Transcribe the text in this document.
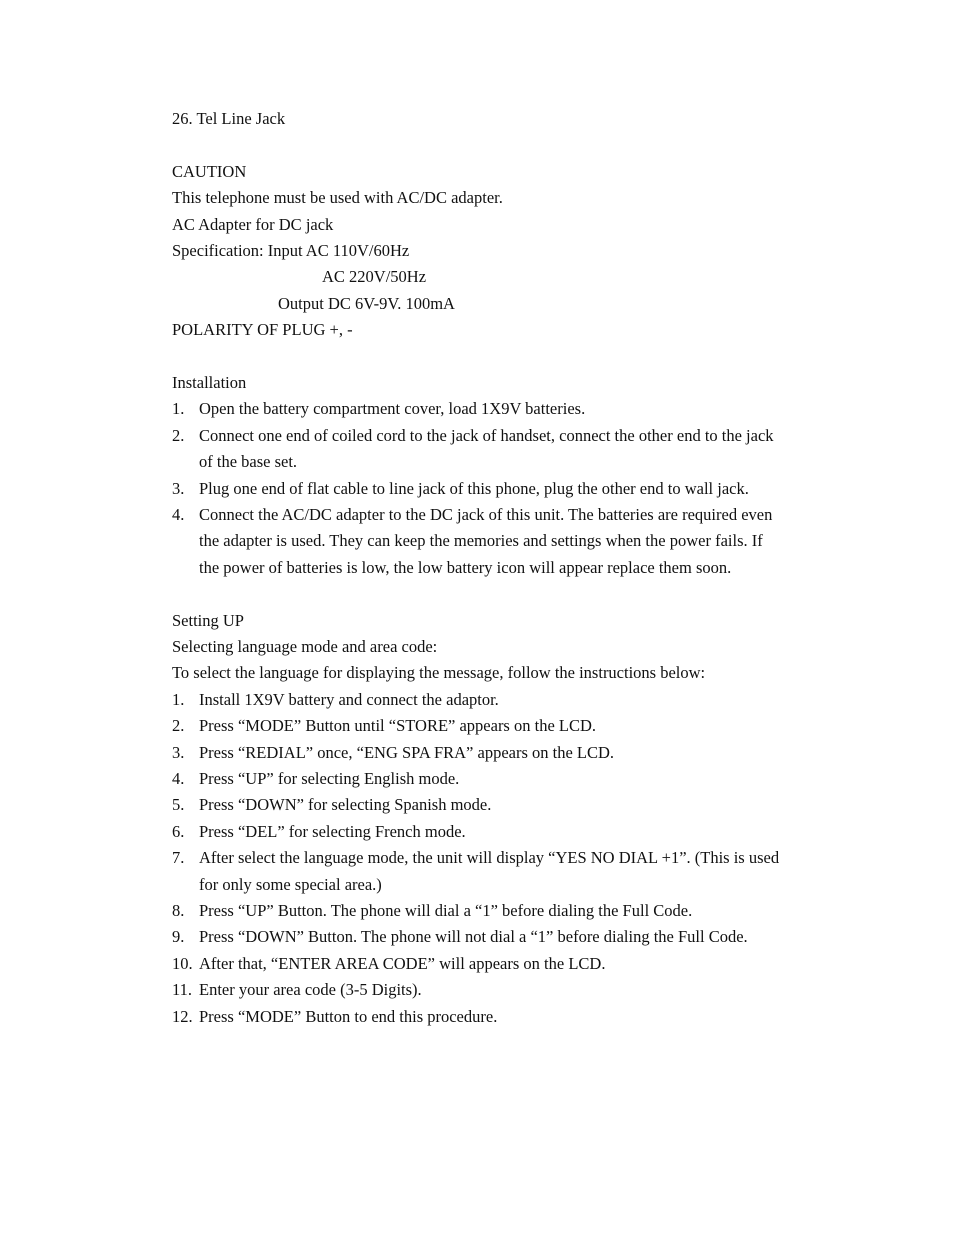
26. Tel Line Jack
CAUTION
This telephone must be used with AC/DC adapter.
AC Adapter for DC jack
Specification: Input AC 110V/60Hz
AC 220V/50Hz
Output DC 6V-9V. 100mA
POLARITY OF PLUG +, -
Installation
1. Open the battery compartment cover, load 1X9V batteries.
2. Connect one end of coiled cord to the jack of handset, connect the other end to the jack of the base set.
3. Plug one end of flat cable to line jack of this phone, plug the other end to wall jack.
4. Connect the AC/DC adapter to the DC jack of this unit. The batteries are required even the adapter is used. They can keep the memories and settings when the power fails. If the power of batteries is low, the low battery icon will appear replace them soon.
Setting UP
Selecting language mode and area code:
To select the language for displaying the message, follow the instructions below:
1. Install 1X9V battery and connect the adaptor.
2. Press “MODE” Button until “STORE” appears on the LCD.
3. Press “REDIAL” once, “ENG SPA FRA” appears on the LCD.
4. Press “UP” for selecting English mode.
5. Press “DOWN” for selecting Spanish mode.
6. Press “DEL” for selecting French mode.
7. After select the language mode, the unit will display “YES NO DIAL +1”. (This is used for only some special area.)
8. Press “UP” Button. The phone will dial a “1” before dialing the Full Code.
9. Press “DOWN” Button. The phone will not dial a “1” before dialing the Full Code.
10. After that, “ENTER AREA CODE” will appears on the LCD.
11. Enter your area code (3-5 Digits).
12. Press “MODE” Button to end this procedure.
